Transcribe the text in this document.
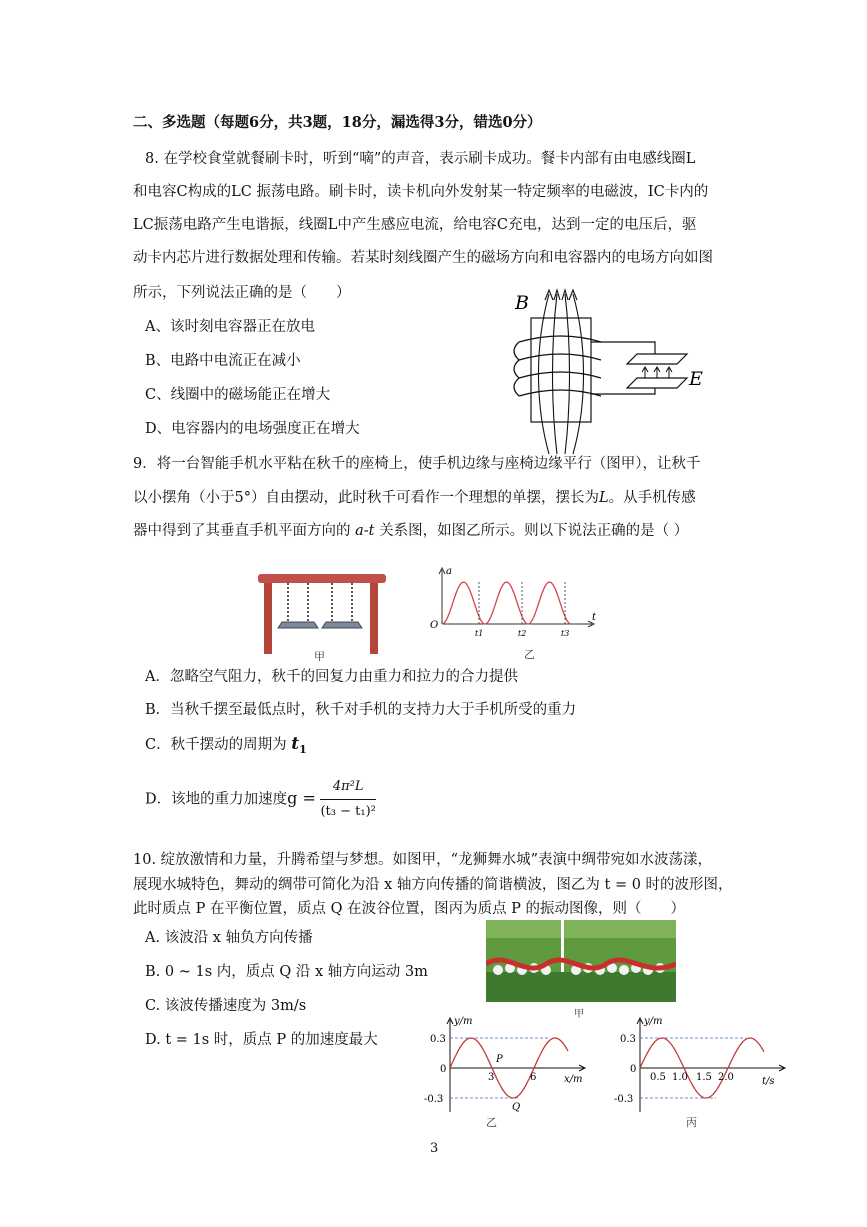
二、多选题（每题6分，共3题，18分，漏选得3分，错选0分）
8. 在学校食堂就餐刷卡时，听到“嘀”的声音，表示刷卡成功。餐卡内部有由电感线圈L
和电容C构成的LC 振荡电路。刷卡时，读卡机向外发射某一特定频率的电磁波，IC卡内的
LC振荡电路产生电谐振，线圈L中产生感应电流，给电容C充电，达到一定的电压后，驱
动卡内芯片进行数据处理和传输。若某时刻线圈产生的磁场方向和电容器内的电场方向如图
所示，下列说法正确的是（　　）
A、该时刻电容器正在放电
B、电路中电流正在减小
C、线圈中的磁场能正在增大
D、电容器内的电场强度正在增大
B
E
9．将一台智能手机水平粘在秋千的座椅上，使手机边缘与座椅边缘平行（图甲），让秋千
以小摆角（小于5°）自由摆动，此时秋千可看作一个理想的单摆，摆长为L。从手机传感
器中得到了其垂直手机平面方向的 a-t 关系图，如图乙所示。则以下说法正确的是（ ）
甲
a
O
t
t1	t2	t3
乙
A．忽略空气阻力，秋千的回复力由重力和拉力的合力提供
B．当秋千摆至最低点时，秋千对手机的支持力大于手机所受的重力
C．秋千摆动的周期为 $t_1$
D．该地的重力加速度$g = \frac{\text{4π²L}}{\text{(t₃ − t₁)²}}$
10. 绽放激情和力量，升腾希望与梦想。如图甲，“龙狮舞水城”表演中绸带宛如水波荡漾，
展现水城特色，舞动的绸带可简化为沿 x 轴方向传播的简谐横波，图乙为 t = 0 时的波形图，
此时质点 P 在平衡位置，质点 Q 在波谷位置，图丙为质点 P 的振动图像，则（　　）
A. 该波沿 x 轴负方向传播
B. 0 ~ 1s 内，质点 Q 沿 x 轴方向运动 3m
C. 该波传播速度为 3m/s
D. t = 1s 时，质点 P 的加速度最大
甲
y/m
x/m
0.3
0
-0.3
3	6
P
Q
乙
y/m
t/s
0.3
0
-0.3
0.5 1.0 1.5 2.0
丙
3
